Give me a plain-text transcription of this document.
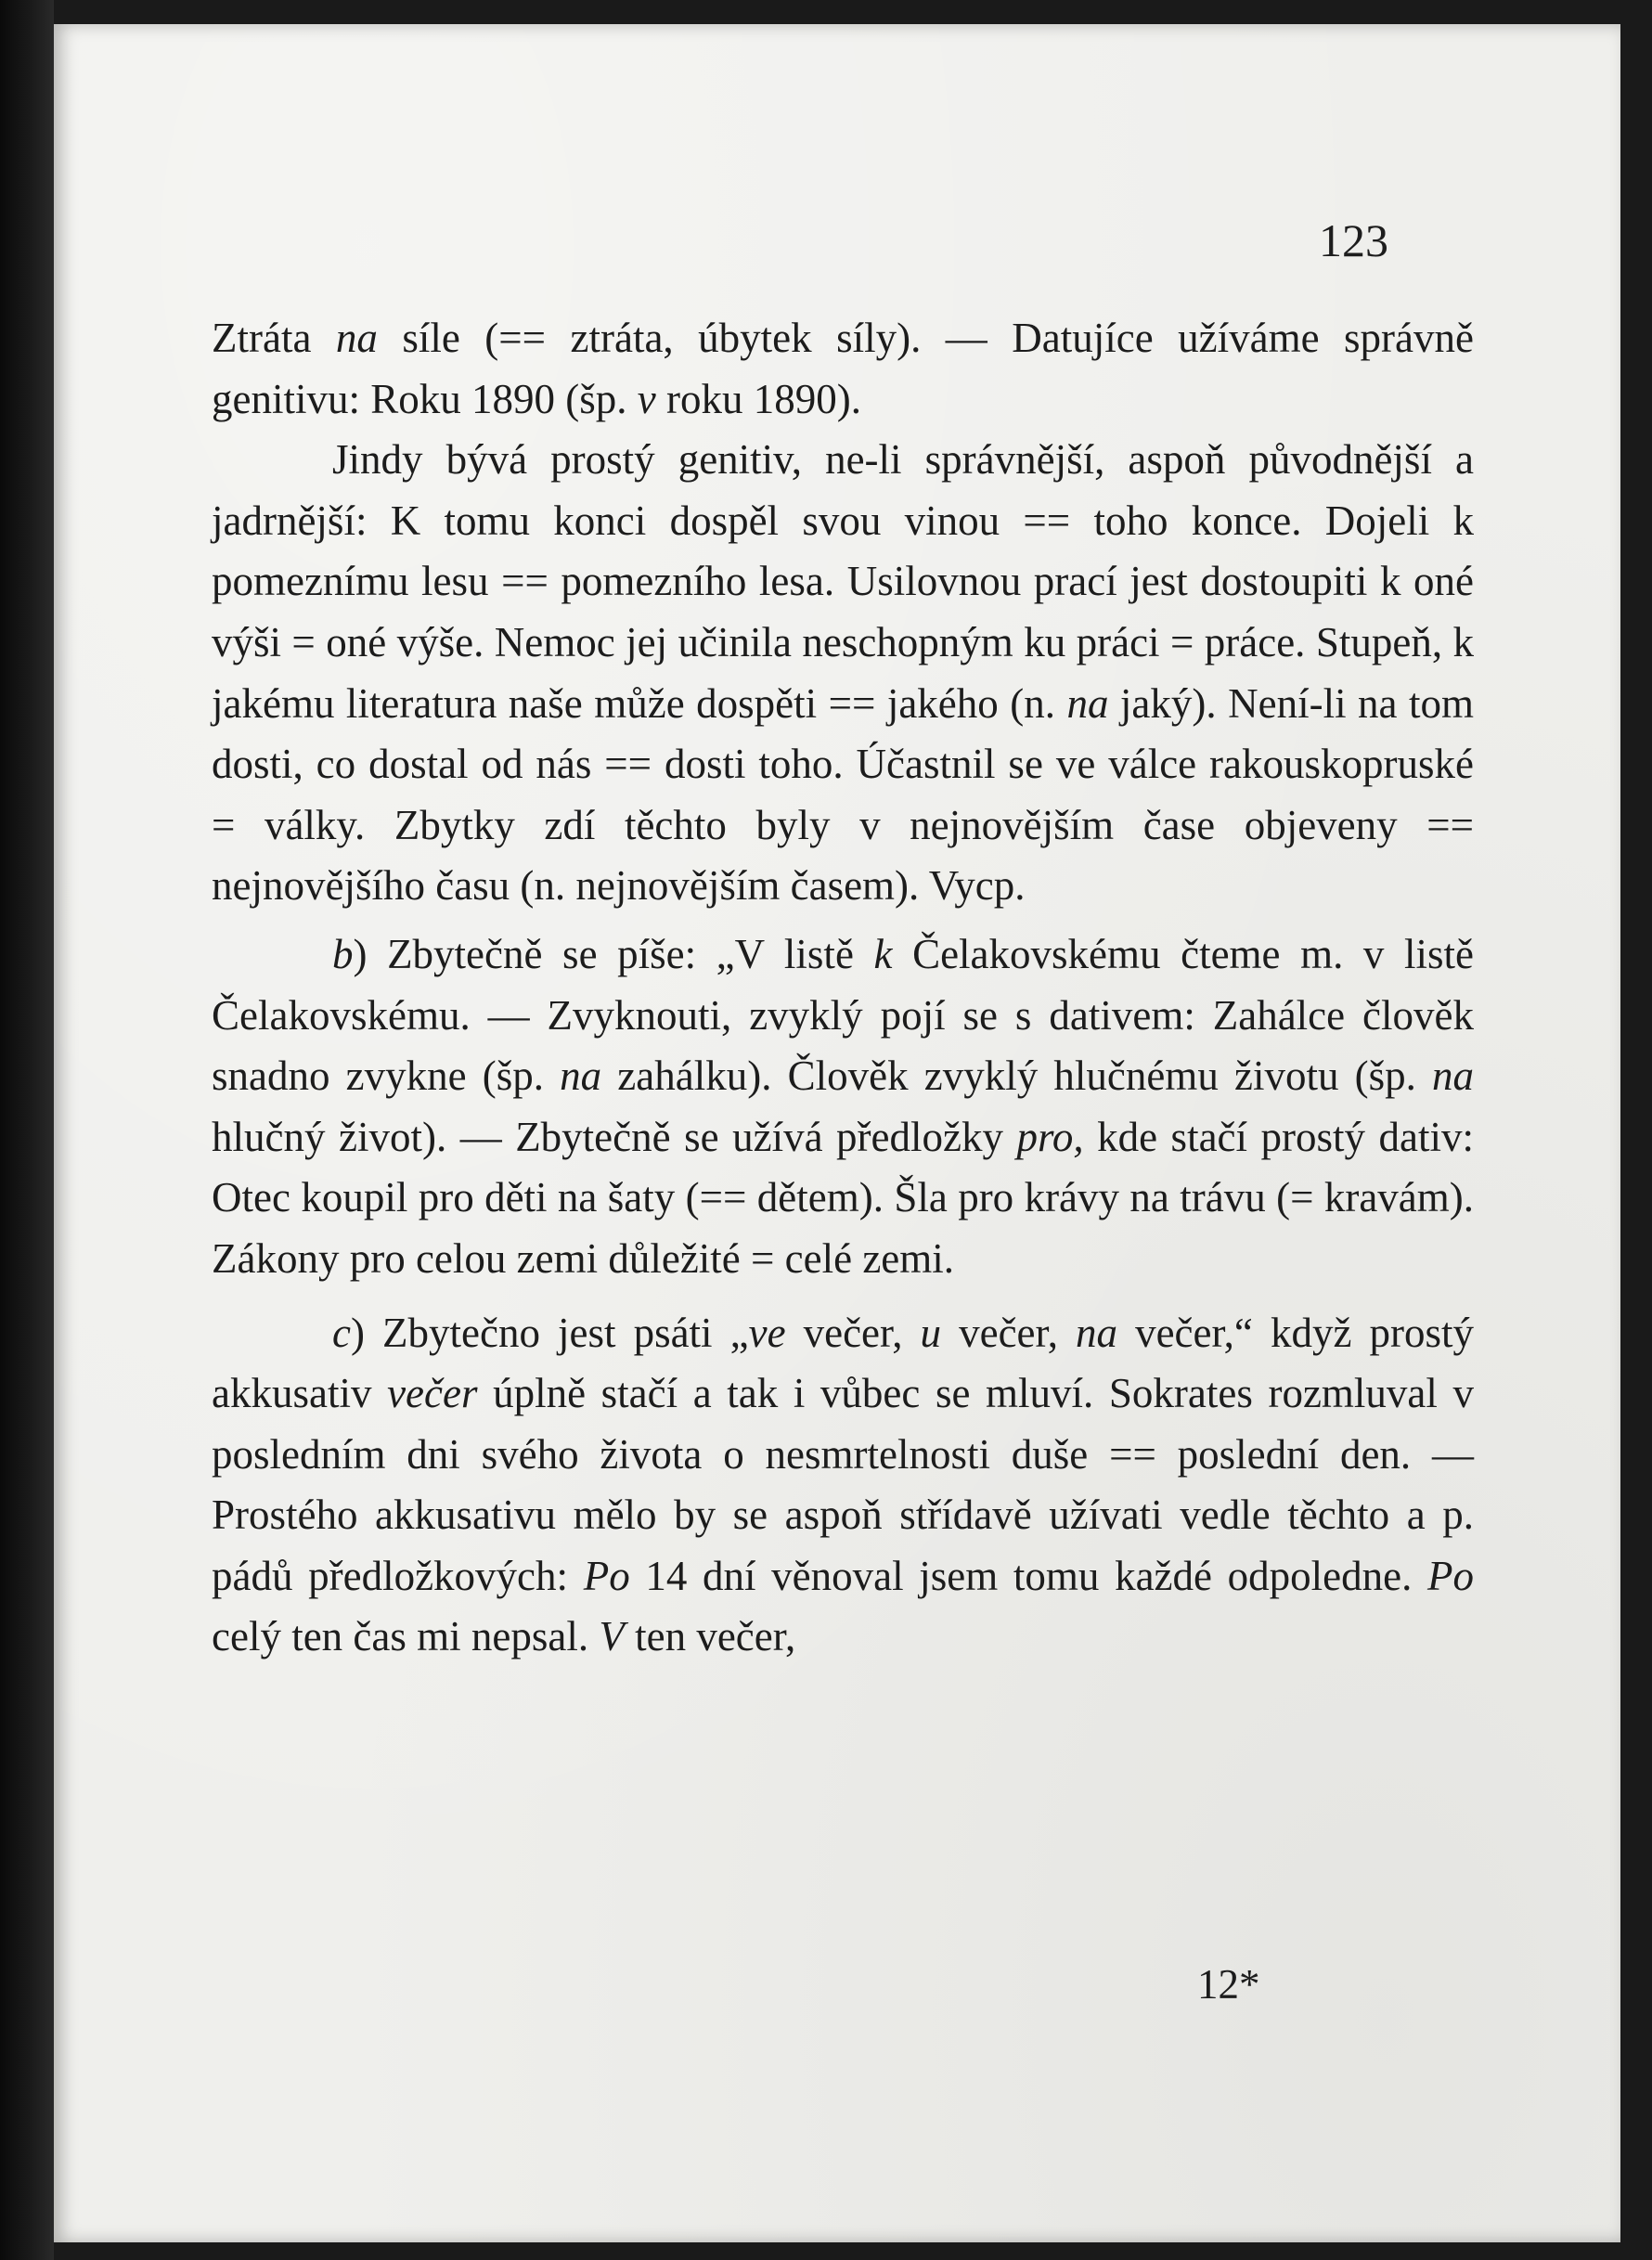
123

Ztráta na síle (== ztráta, úbytek síly). — Datujíce užíváme správně genitivu: Roku 1890 (šp. v roku 1890).

Jindy bývá prostý genitiv, ne-li správnější, aspoň původnější a jadrnější: K tomu konci dospěl svou vinou == toho konce. Dojeli k pomeznímu lesu == pomezního lesa. Usilovnou prací jest dostoupiti k oné výši = oné výše. Nemoc jej učinila neschopným ku práci = práce. Stupeň, k jakému literatura naše může dospěti == jakého (n. na jaký). Není-li na tom dosti, co dostal od nás == dosti toho. Účastnil se ve válce rakouskopruské = války. Zbytky zdí těchto byly v nejnovějším čase objeveny == nejnovějšího času (n. nejnovějším časem). Vycp.

b) Zbytečně se píše: „V listě k Čelakovskému čteme m. v listě Čelakovskému. — Zvyknouti, zvyklý pojí se s dativem: Zahálce člověk snadno zvykne (šp. na zahálku). Člověk zvyklý hlučnému životu (šp. na hlučný život). — Zbytečně se užívá předložky pro, kde stačí prostý dativ: Otec koupil pro děti na šaty (== dětem). Šla pro krávy na trávu (= kravám). Zákony pro celou zemi důležité = celé zemi.

c) Zbytečno jest psáti „ve večer, u večer, na večer,“ když prostý akkusativ večer úplně stačí a tak i vůbec se mluví. Sokrates rozmluval v posledním dni svého života o nesmrtelnosti duše == poslední den. — Prostého akkusativu mělo by se aspoň střídavě užívati vedle těchto a p. pádů předložkových: Po 14 dní věnoval jsem tomu každé odpoledne. Po celý ten čas mi nepsal. V ten večer,

12*
